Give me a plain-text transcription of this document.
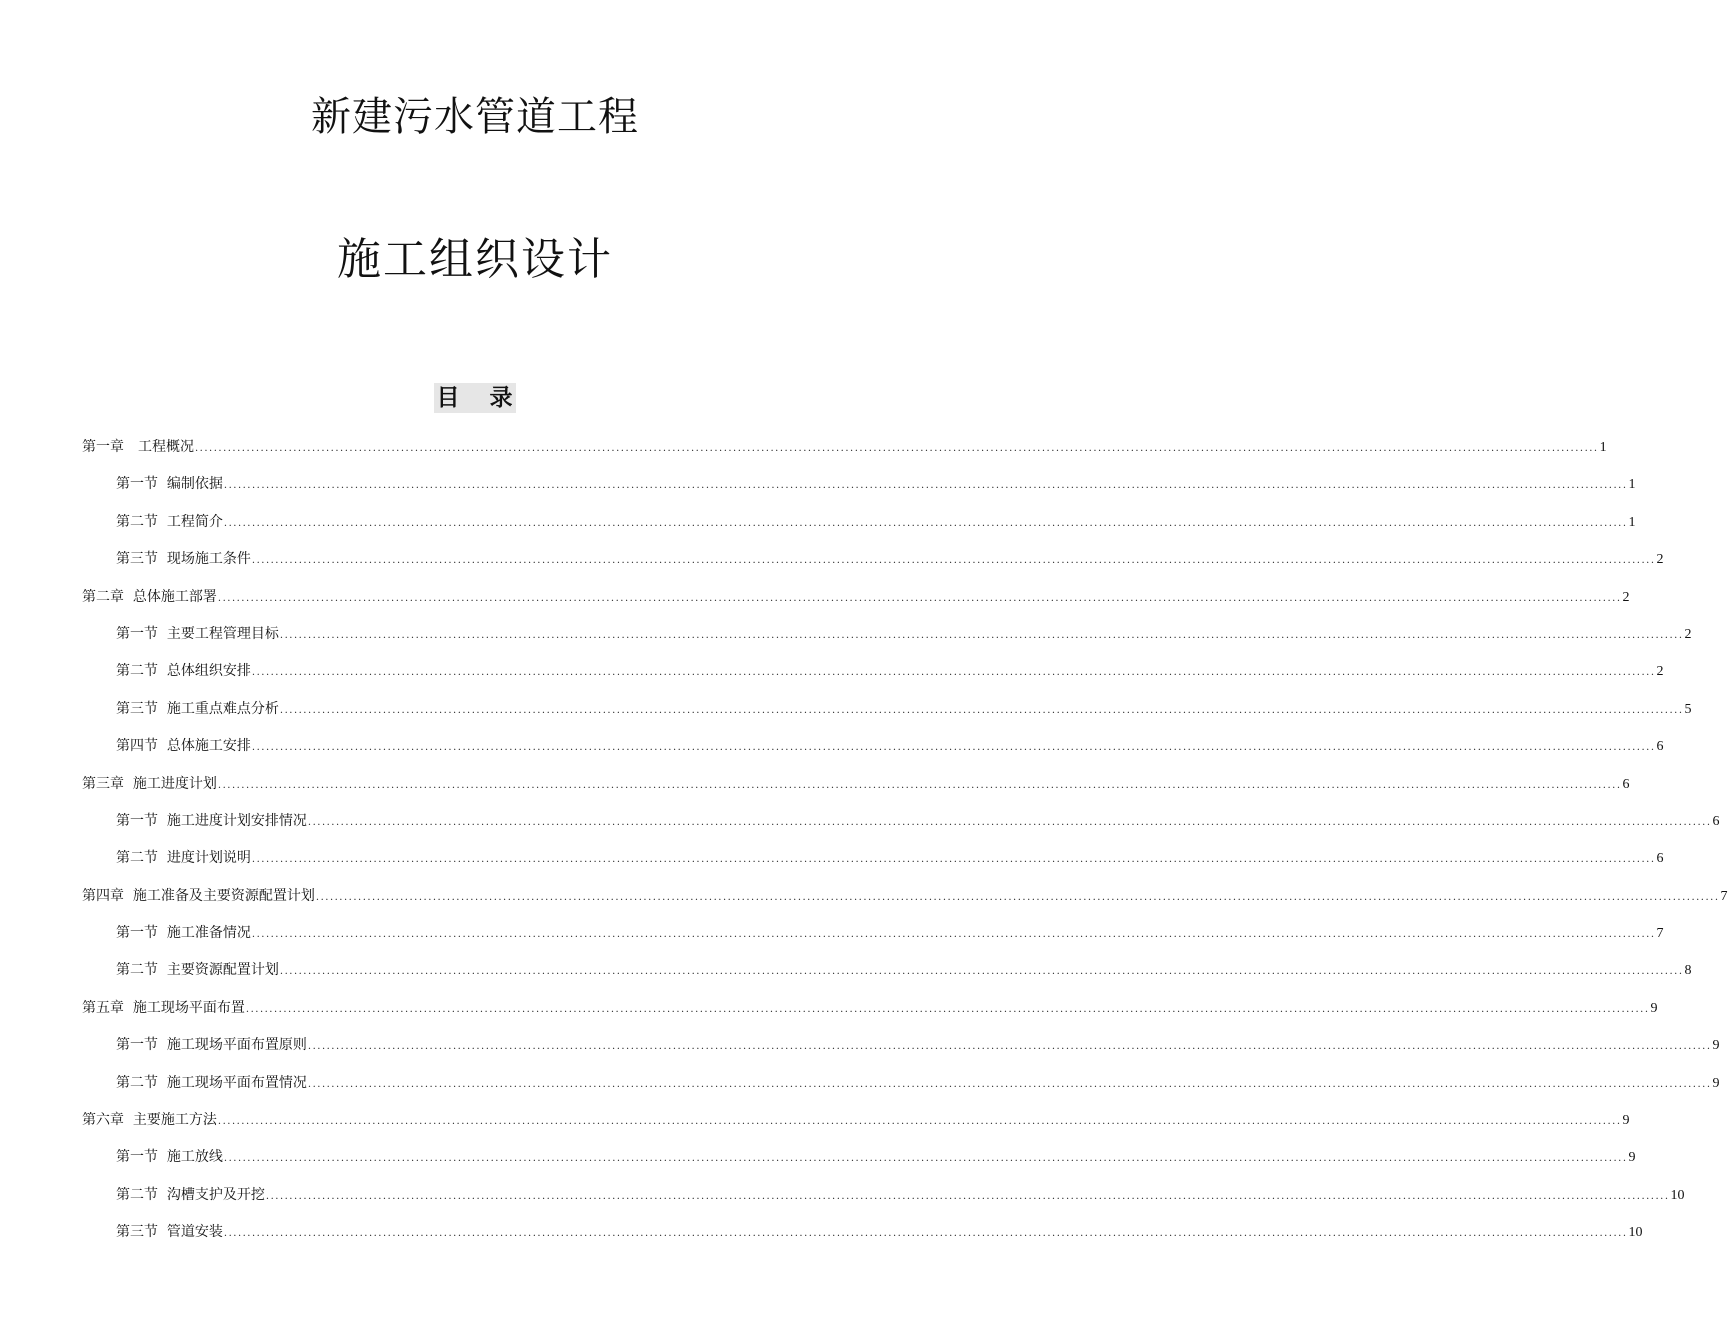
新建污水管道工程
施工组织设计
目 录
第一章　工程概况 ............................................................................................................................................................................................................................................................................................................ 1
第一节  编制依据 ............................................................................................................................................................................................................................................................................................................ 1
第二节  工程简介 ............................................................................................................................................................................................................................................................................................................ 1
第三节  现场施工条件 ............................................................................................................................................................................................................................................................................................................ 2
第二章  总体施工部署 ............................................................................................................................................................................................................................................................................................................ 2
第一节  主要工程管理目标 ............................................................................................................................................................................................................................................................................................................ 2
第二节  总体组织安排 ............................................................................................................................................................................................................................................................................................................ 2
第三节  施工重点难点分析 ............................................................................................................................................................................................................................................................................................................ 5
第四节  总体施工安排 ............................................................................................................................................................................................................................................................................................................ 6
第三章  施工进度计划 ............................................................................................................................................................................................................................................................................................................ 6
第一节  施工进度计划安排情况 ............................................................................................................................................................................................................................................................................................................ 6
第二节  进度计划说明 ............................................................................................................................................................................................................................................................................................................ 6
第四章  施工准备及主要资源配置计划 ............................................................................................................................................................................................................................................................................................................ 7
第一节  施工准备情况 ............................................................................................................................................................................................................................................................................................................ 7
第二节  主要资源配置计划 ............................................................................................................................................................................................................................................................................................................ 8
第五章  施工现场平面布置 ............................................................................................................................................................................................................................................................................................................ 9
第一节  施工现场平面布置原则 ............................................................................................................................................................................................................................................................................................................ 9
第二节  施工现场平面布置情况 ............................................................................................................................................................................................................................................................................................................ 9
第六章  主要施工方法 ............................................................................................................................................................................................................................................................................................................ 9
第一节  施工放线 ............................................................................................................................................................................................................................................................................................................ 9
第二节  沟槽支护及开挖 ............................................................................................................................................................................................................................................................................................................ 10
第三节  管道安装 ............................................................................................................................................................................................................................................................................................................ 10
